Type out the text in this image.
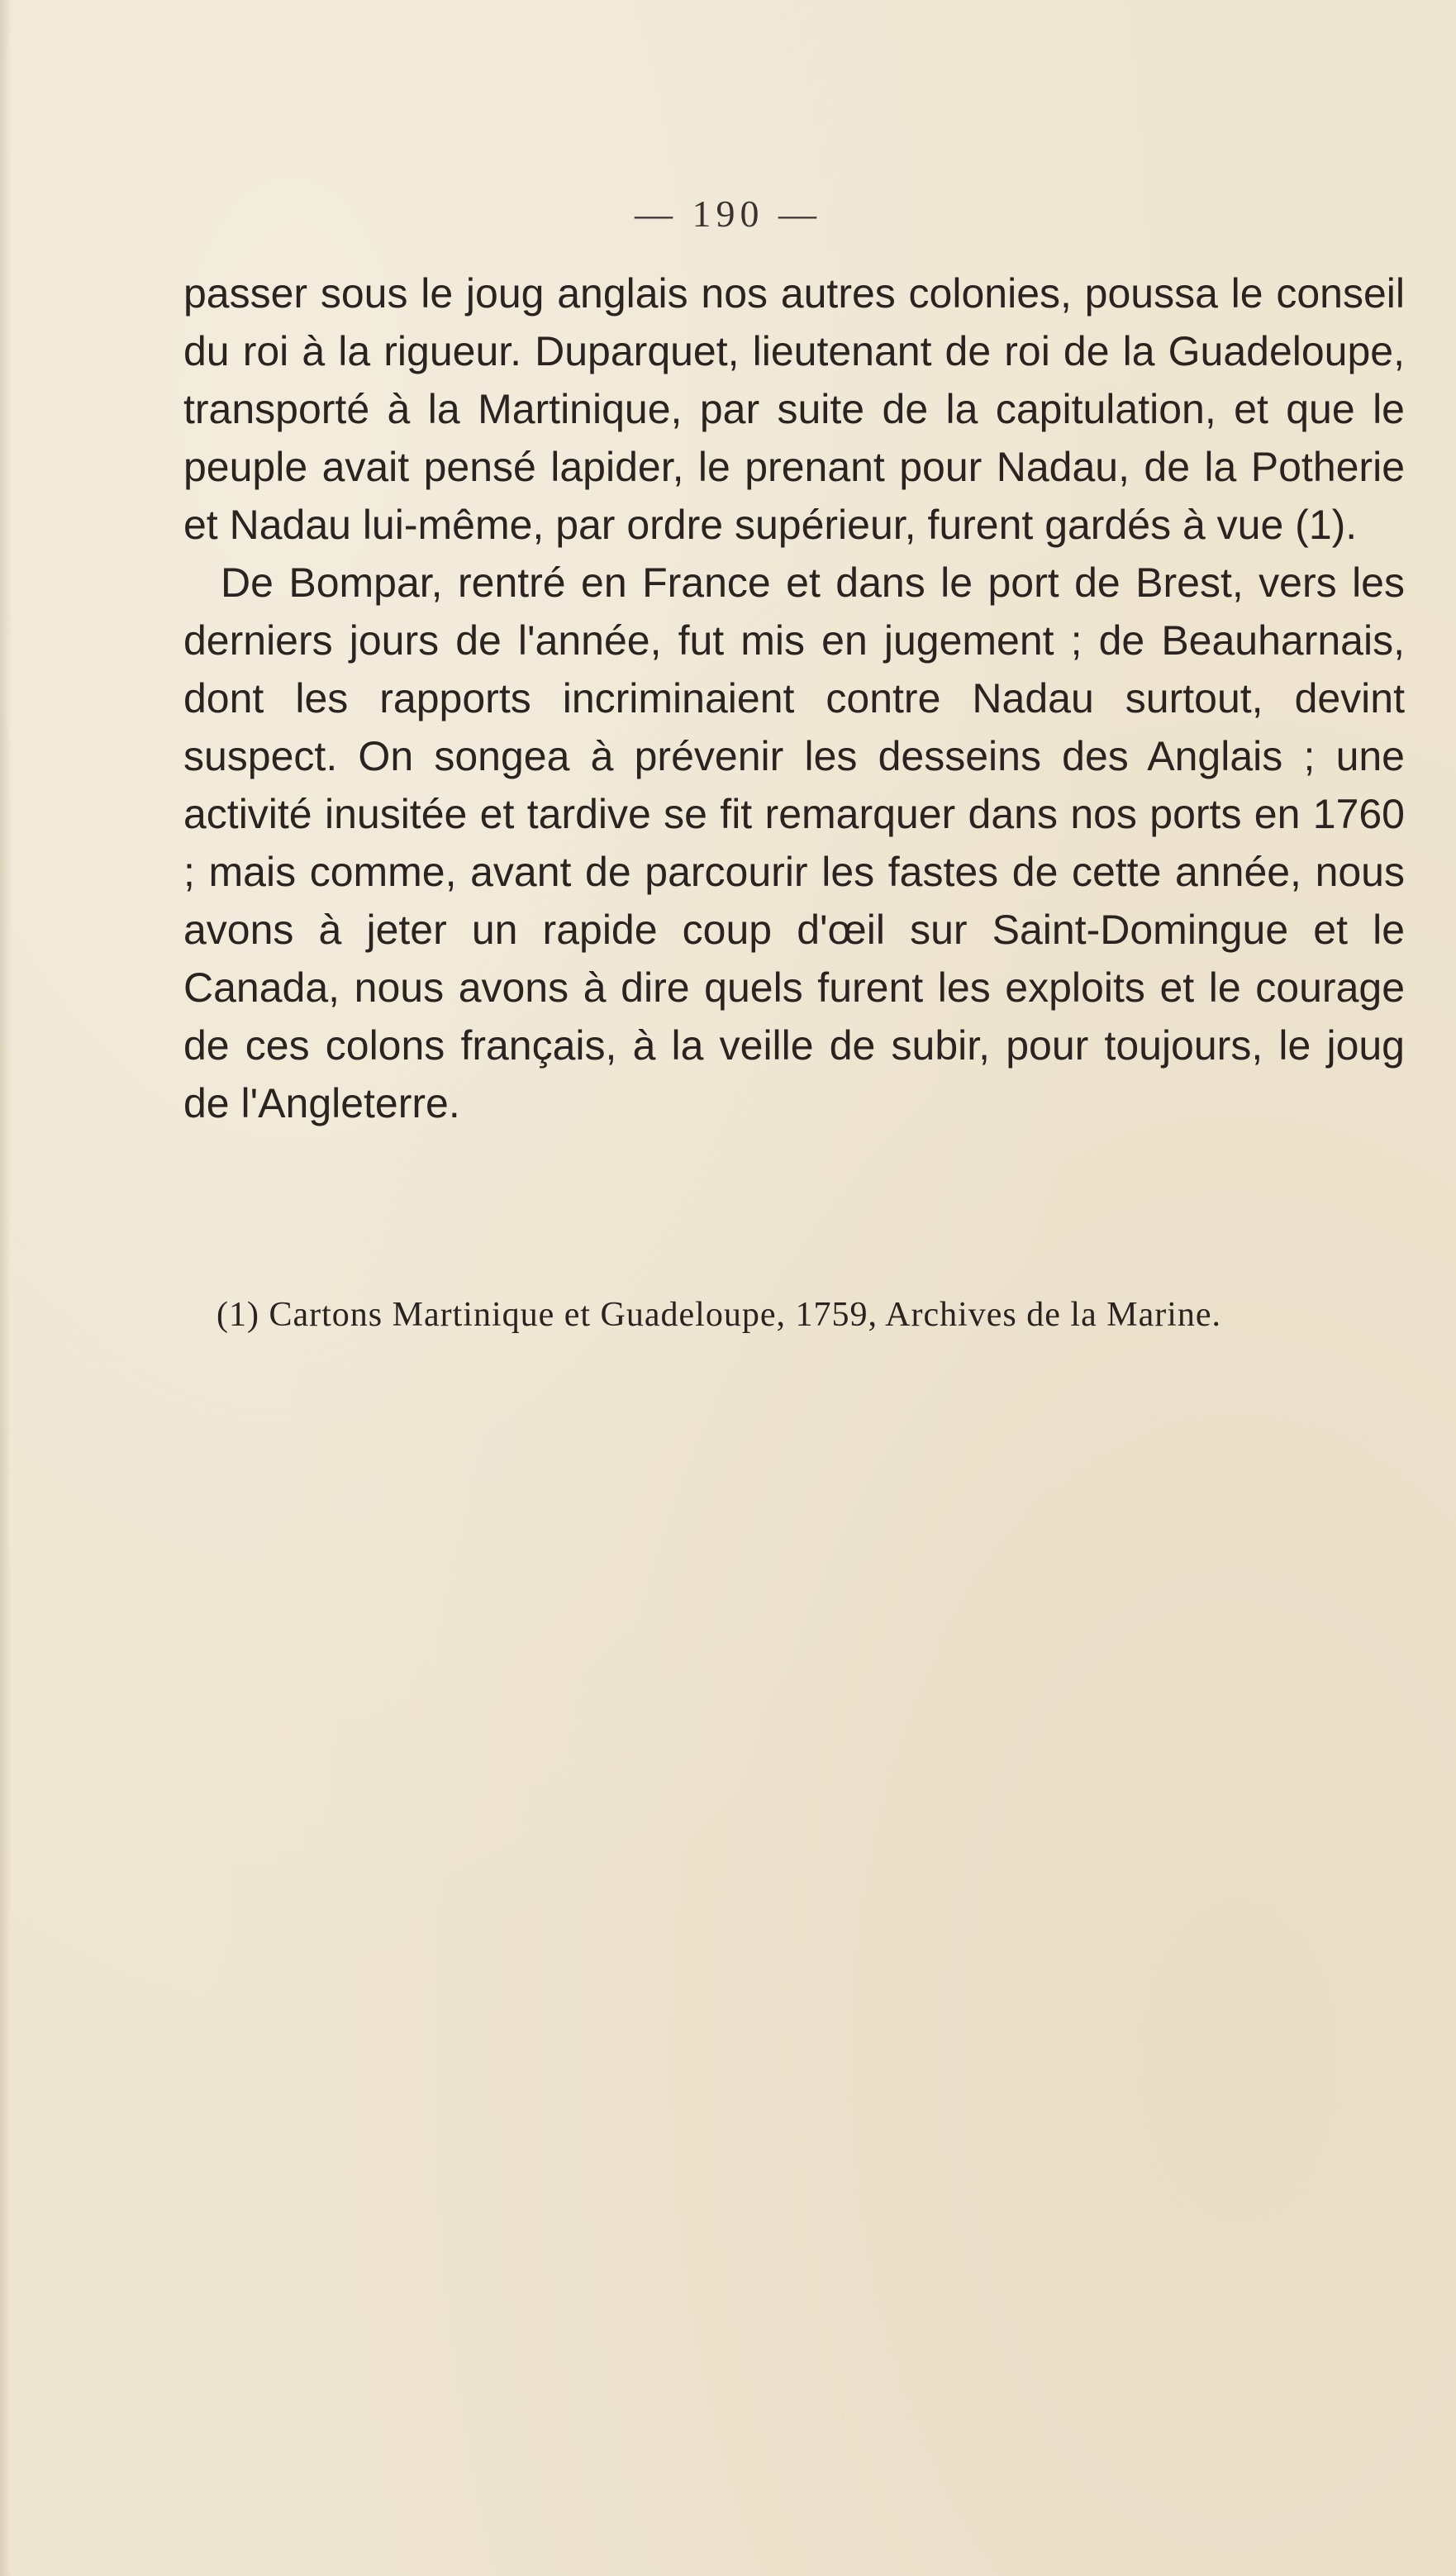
— 190 —

passer sous le joug anglais nos autres colonies, poussa le conseil du roi à la rigueur. Duparquet, lieutenant de roi de la Guadeloupe, transporté à la Martinique, par suite de la capitulation, et que le peuple avait pensé lapider, le prenant pour Nadau, de la Potherie et Nadau lui-même, par ordre supérieur, furent gardés à vue (1).

De Bompar, rentré en France et dans le port de Brest, vers les derniers jours de l'année, fut mis en jugement ; de Beauharnais, dont les rapports incriminaient contre Nadau surtout, devint suspect. On songea à prévenir les desseins des Anglais ; une activité inusitée et tardive se fit remarquer dans nos ports en 1760 ; mais comme, avant de parcourir les fastes de cette année, nous avons à jeter un rapide coup d'œil sur Saint-Domingue et le Canada, nous avons à dire quels furent les exploits et le courage de ces colons français, à la veille de subir, pour toujours, le joug de l'Angleterre.

(1) Cartons Martinique et Guadeloupe, 1759, Archives de la Marine.
